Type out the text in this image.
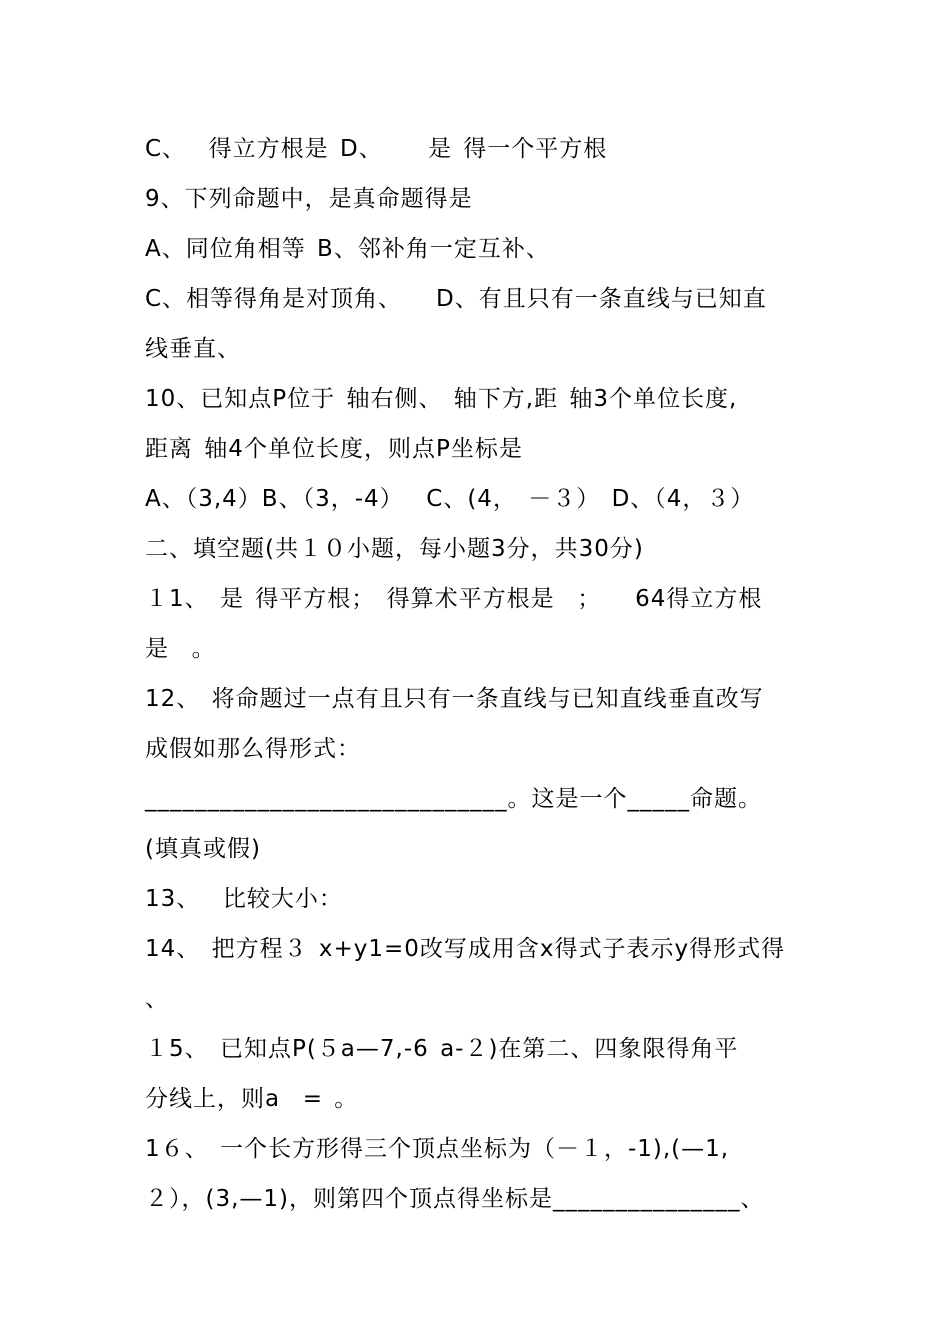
C、  得立方根是 D、    是 得一个平方根
9、下列命题中，是真命题得是
A、同位角相等 B、邻补角一定互补、
C、相等得角是对顶角、   D、有且只有一条直线与已知直
线垂直、
10、已知点P位于 轴右侧、 轴下方,距 轴3个单位长度,
距离 轴4个单位长度，则点P坐标是
A、（3,4）B、（3，-4）  C、(4， －３） D、（4，３）
二、填空题(共１０小题，每小题3分，共30分)
１1、 是 得平方根； 得算术平方根是  ；   64得立方根
是  。
12、 将命题过一点有且只有一条直线与已知直线垂直改写
成假如那么得形式：
_____________________________。这是一个_____命题。
(填真或假)
13、  比较大小：
14、 把方程３ x+y1=0改写成用含x得式子表示y得形式得
、
１5、 已知点P(５a—7,-6 a-２)在第二、四象限得角平
分线上，则a  = 。
1６、 一个长方形得三个顶点坐标为（－１，-1),(—1,
２），(3,—1)，则第四个顶点得坐标是_______________、
